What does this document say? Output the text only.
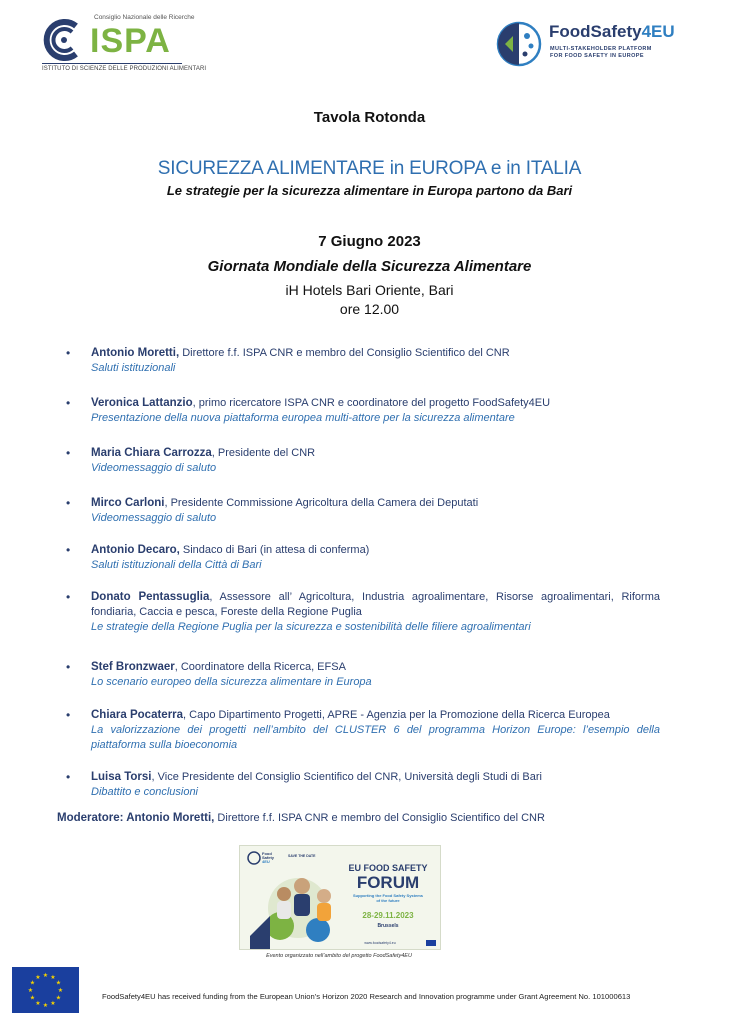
Consiglio Nazionale delle Ricerche
ISPA
ISTITUTO DI SCIENZE DELLE PRODUZIONI ALIMENTARI
FoodSafety4EU
MULTI-STAKEHOLDER PLATFORM
FOR FOOD SAFETY IN EUROPE
Tavola Rotonda
SICUREZZA ALIMENTARE in EUROPA e in ITALIA
Le strategie per la sicurezza alimentare in Europa partono da Bari
7 Giugno 2023
Giornata Mondiale della Sicurezza Alimentare
iH Hotels Bari Oriente, Bari
ore 12.00
• Antonio Moretti, Direttore f.f. ISPA CNR e membro del Consiglio Scientifico del CNR
Saluti istituzionali
• Veronica Lattanzio, primo ricercatore ISPA CNR e coordinatore del progetto FoodSafety4EU
Presentazione della nuova piattaforma europea multi-attore per la sicurezza alimentare
• Maria Chiara Carrozza, Presidente del CNR
Videomessaggio di saluto
• Mirco Carloni, Presidente Commissione Agricoltura della Camera dei Deputati
Videomessaggio di saluto
• Antonio Decaro, Sindaco di Bari (in attesa di conferma)
Saluti istituzionali della Città di Bari
• Donato Pentassuglia, Assessore all’ Agricoltura, Industria agroalimentare, Risorse agroalimentari, Riforma fondiaria, Caccia e pesca, Foreste della Regione Puglia
Le strategie della Regione Puglia per la sicurezza e sostenibilità delle filiere agroalimentari
• Stef Bronzwaer, Coordinatore della Ricerca, EFSA
Lo scenario europeo della sicurezza alimentare in Europa
• Chiara Pocaterra, Capo Dipartimento Progetti, APRE - Agenzia per la Promozione della Ricerca Europea
La valorizzazione dei progetti nell’ambito del CLUSTER 6 del programma Horizon Europe: l’esempio della piattaforma sulla bioeconomia
• Luisa Torsi, Vice Presidente del Consiglio Scientifico del CNR, Università degli Studi di Bari
Dibattito e conclusioni
Moderatore: Antonio Moretti, Direttore f.f. ISPA CNR e membro del Consiglio Scientifico del CNR
Food
Safety
4EU
SAVE THE DATE
EU FOOD SAFETY
FORUM
Supporting the Food Safety Systems
of the future
28-29.11.2023
Brussels
www.foodsafety4.eu
Evento organizzato nell’ambito del progetto FoodSafety4EU
★ ★
★
★
★
★
★
★
★
★
★
★
FoodSafety4EU has received funding from the European Union’s Horizon 2020 Research and Innovation programme under Grant Agreement No. 101000613
